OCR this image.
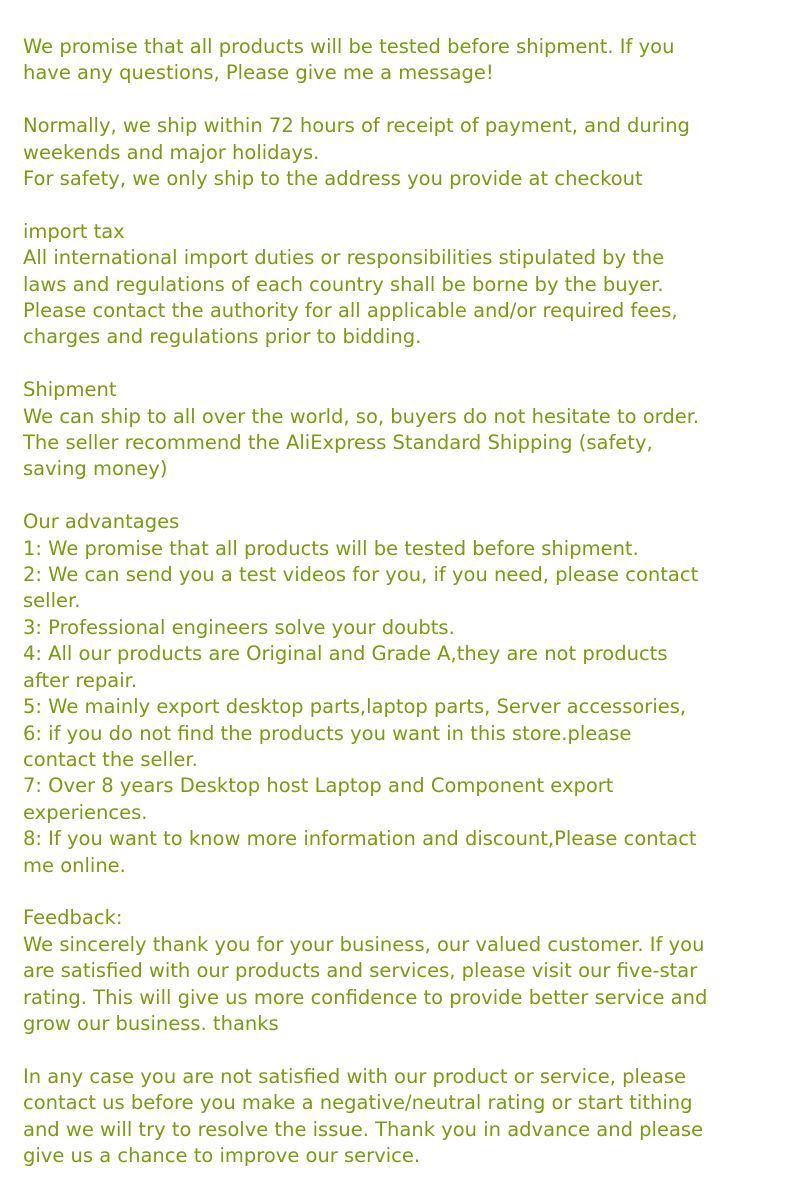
We promise that all products will be tested before shipment. If you
have any questions, Please give me a message!
Normally, we ship within 72 hours of receipt of payment, and during
weekends and major holidays.
For safety, we only ship to the address you provide at checkout
import tax
All international import duties or responsibilities stipulated by the
laws and regulations of each country shall be borne by the buyer.
Please contact the authority for all applicable and/or required fees,
charges and regulations prior to bidding.
Shipment
We can ship to all over the world, so, buyers do not hesitate to order.
The seller recommend the AliExpress Standard Shipping (safety,
saving money)
Our advantages
1: We promise that all products will be tested before shipment.
2: We can send you a test videos for you, if you need, please contact
seller.
3: Professional engineers solve your doubts.
4: All our products are Original and Grade A,they are not products
after repair.
5: We mainly export desktop parts,laptop parts, Server accessories,
6: if you do not find the products you want in this store.please
contact the seller.
7: Over 8 years Desktop host Laptop and Component export
experiences.
8: If you want to know more information and discount,Please contact
me online.
Feedback:
We sincerely thank you for your business, our valued customer. If you
are satisfied with our products and services, please visit our five-star
rating. This will give us more confidence to provide better service and
grow our business. thanks
In any case you are not satisfied with our product or service, please
contact us before you make a negative/neutral rating or start tithing
and we will try to resolve the issue. Thank you in advance and please
give us a chance to improve our service.
